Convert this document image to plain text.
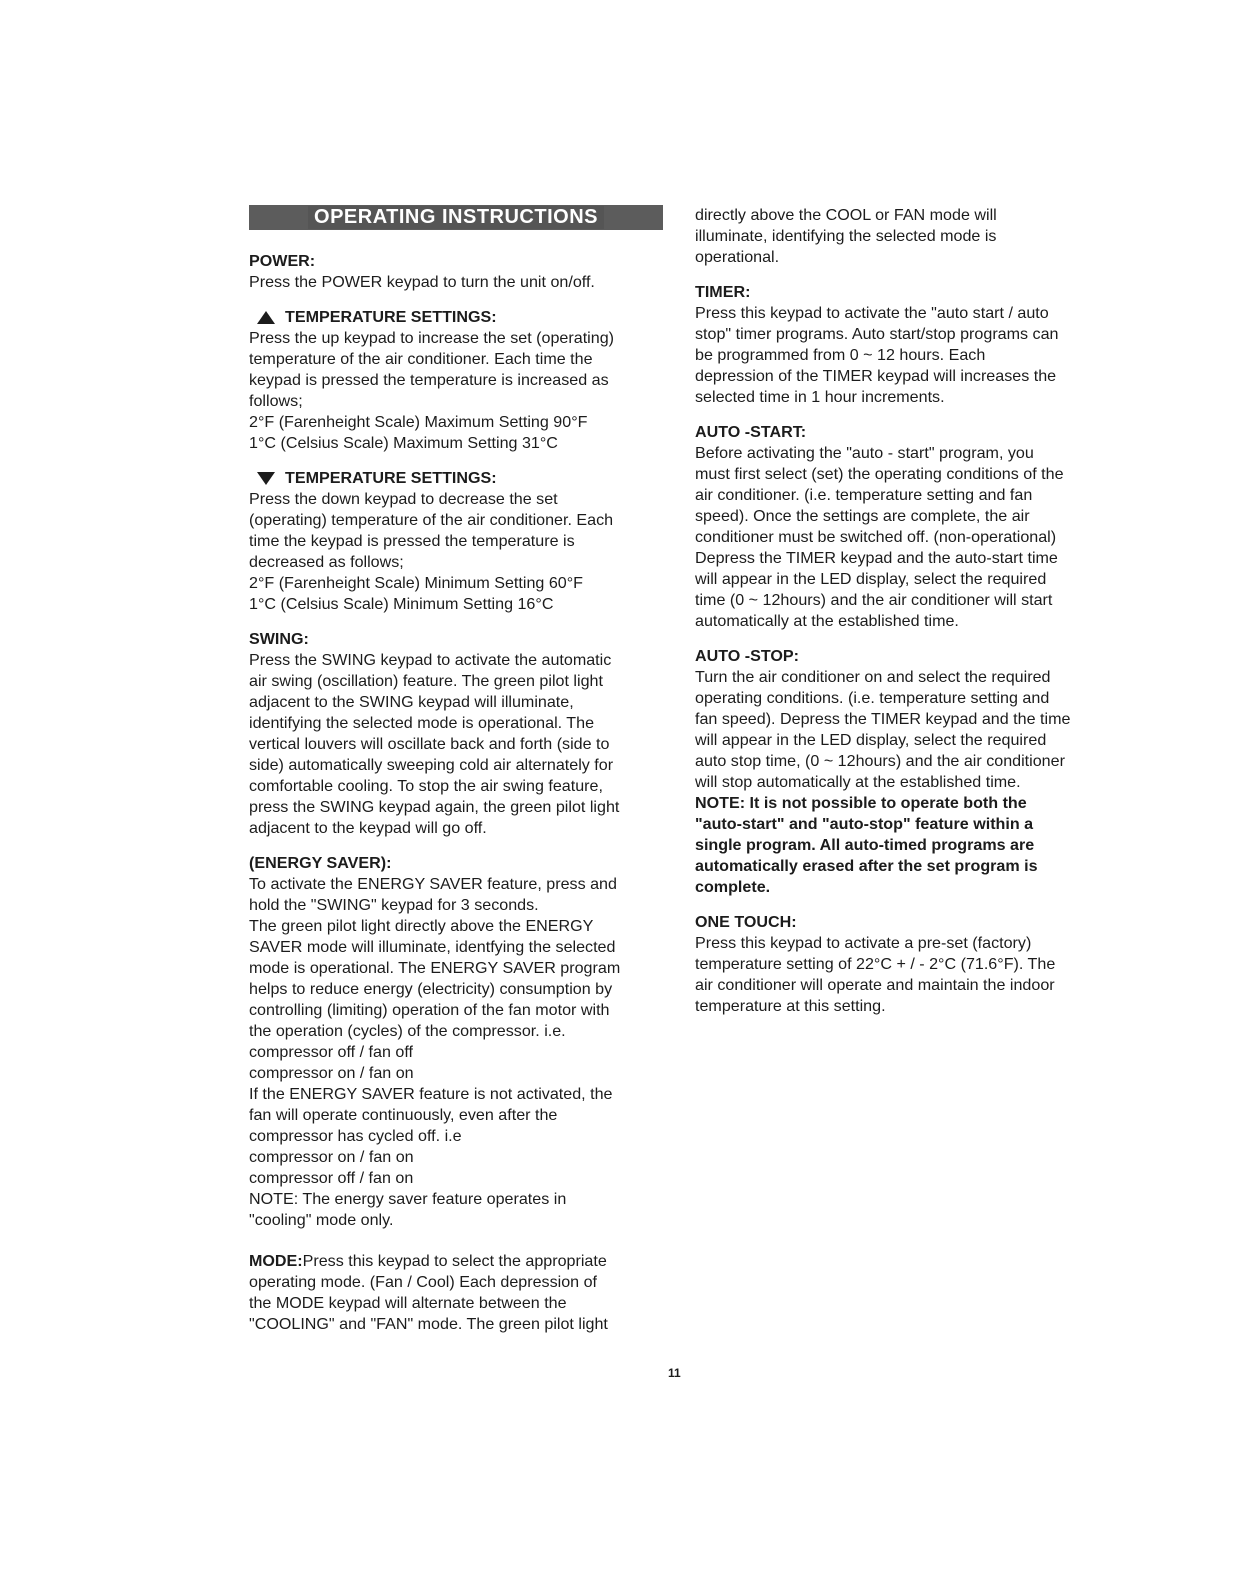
OPERATING INSTRUCTIONS
POWER:

Press the POWER keypad to turn the unit on/off.

TEMPERATURE SETTINGS:

Press the up keypad to increase the set (operating)

temperature of the air conditioner. Each time the

keypad is pressed the temperature is increased as

follows;

2°F (Farenheight Scale) Maximum Setting 90°F

1°C (Celsius Scale) Maximum Setting 31°C

TEMPERATURE SETTINGS:

Press the down keypad to decrease the set

(operating) temperature of the air conditioner. Each

time the keypad is pressed the temperature is

decreased as follows;

2°F (Farenheight Scale) Minimum Setting 60°F

1°C (Celsius Scale) Minimum Setting 16°C

SWING:

Press the SWING keypad to activate the automatic

air swing (oscillation) feature. The green pilot light

adjacent to the SWING keypad will illuminate,

identifying the selected mode is operational. The

vertical louvers will oscillate back and forth (side to

side) automatically sweeping cold air alternately for

comfortable cooling. To stop the air swing feature,

press the SWING keypad again, the green pilot light

adjacent to the keypad will go off.

(ENERGY SAVER):

To activate the ENERGY SAVER feature, press and

hold the "SWING" keypad for 3 seconds.

The green pilot light directly above the ENERGY

SAVER mode will illuminate, identfying the selected

mode is operational. The ENERGY SAVER program

helps to reduce energy (electricity) consumption by

controlling (limiting) operation of the fan motor with

the operation (cycles) of the compressor. i.e.

compressor off / fan off

compressor on / fan on

If the ENERGY SAVER feature is not activated, the

fan will operate continuously, even after the

compressor has cycled off. i.e

compressor on / fan on

compressor off / fan on

NOTE: The energy saver feature operates in

"cooling" mode only.

MODE:Press this keypad to select the appropriate

operating mode. (Fan / Cool) Each depression of

the MODE keypad will alternate between the

"COOLING" and "FAN" mode. The green pilot light

directly above the COOL or FAN mode will

illuminate, identifying the selected mode is

operational.

TIMER:

Press this keypad to activate the "auto start / auto

stop" timer programs. Auto start/stop programs can

be programmed from 0 ~ 12 hours. Each

depression of the TIMER keypad will increases the

selected time in 1 hour increments.

AUTO -START:

Before activating the "auto - start" program, you

must first select (set) the operating conditions of the

air conditioner. (i.e. temperature setting and fan

speed). Once the settings are complete, the air

conditioner must be switched off. (non-operational)

Depress the TIMER keypad and the auto-start time

will appear in the LED display, select the required

time (0 ~ 12hours) and the air conditioner will start

automatically at the established time.

AUTO -STOP:

Turn the air conditioner on and select the required

operating conditions. (i.e. temperature setting and

fan speed). Depress the TIMER keypad and the time

will appear in the LED display, select the required

auto stop time, (0 ~ 12hours) and the air conditioner

will stop automatically at the established time.

NOTE: It is not possible to operate both the

"auto-start" and "auto-stop" feature within a

single program. All auto-timed programs are

automatically erased after the set program is

complete.

ONE TOUCH:

Press this keypad to activate a pre-set (factory)

temperature setting of 22°C + / - 2°C (71.6°F). The

air conditioner will operate and maintain the indoor

temperature at this setting.

11
